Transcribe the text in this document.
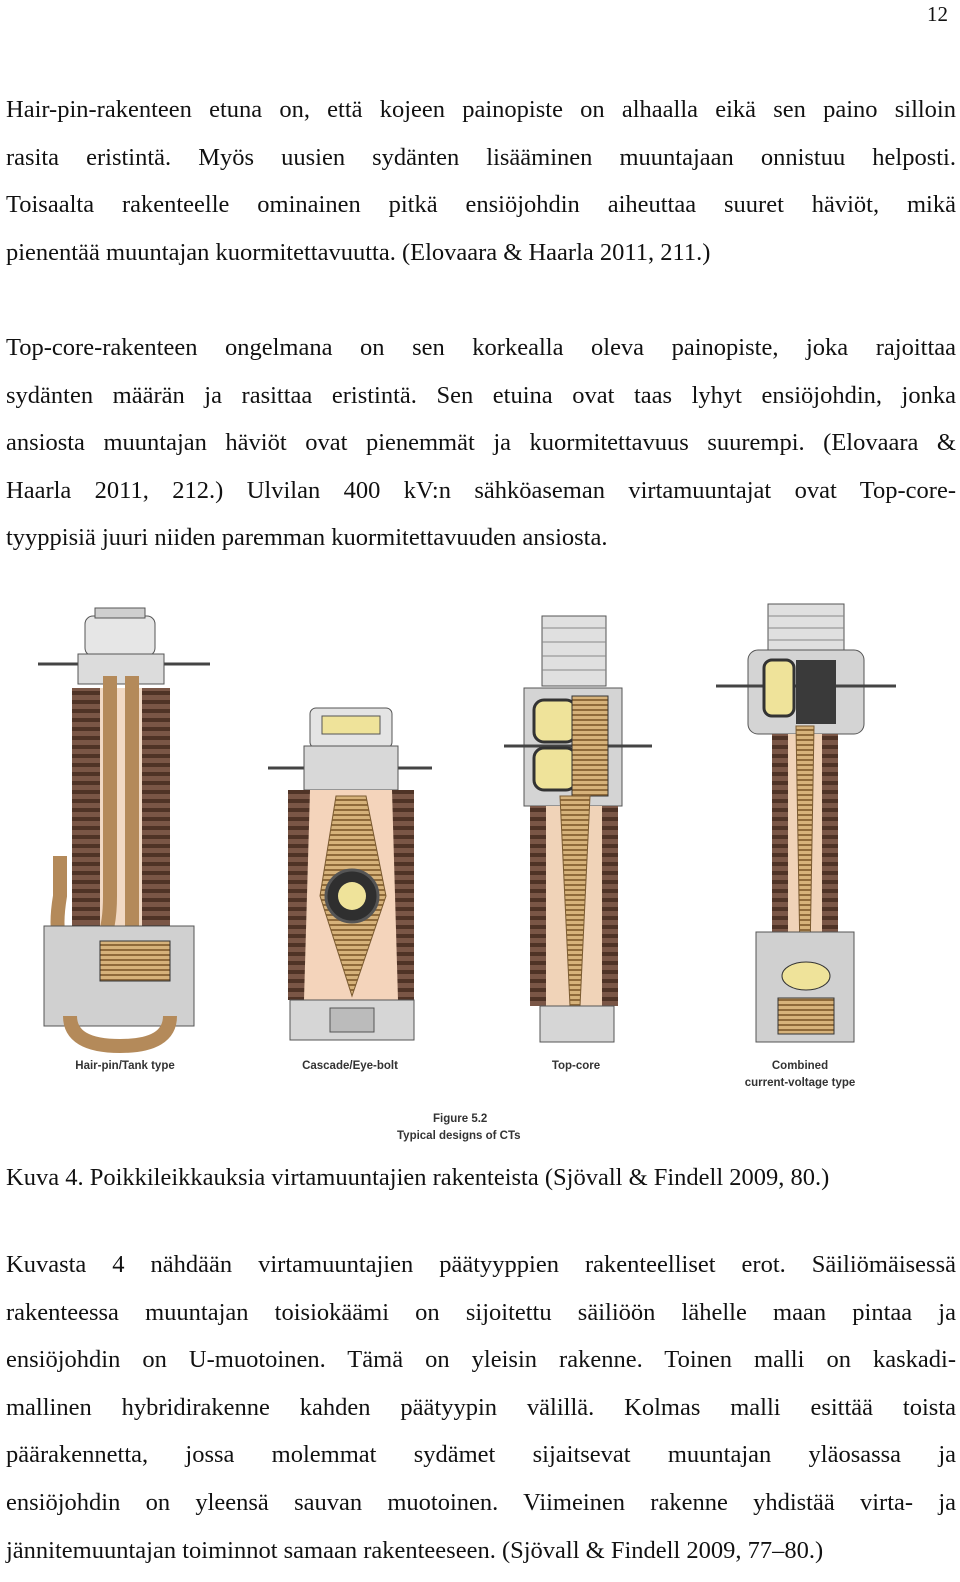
12
Hair-pin-rakenteen etuna on, että kojeen painopiste on alhaalla eikä sen paino silloin
rasita eristintä. Myös uusien sydänten lisääminen muuntajaan onnistuu helposti.
Toisaalta rakenteelle ominainen pitkä ensiöjohdin aiheuttaa suuret häviöt, mikä
pienentää muuntajan kuormitettavuutta. (Elovaara & Haarla 2011, 211.)
Top-core-rakenteen ongelmana on sen korkealla oleva painopiste, joka rajoittaa
sydänten määrän ja rasittaa eristintä. Sen etuina ovat taas lyhyt ensiöjohdin, jonka
ansiosta muuntajan häviöt ovat pienemmät ja kuormitettavuus suurempi. (Elovaara &
Haarla 2011, 212.) Ulvilan 400 kV:n sähköaseman virtamuuntajat ovat Top-core-
tyyppisiä juuri niiden paremman kuormitettavuuden ansiosta.
Hair-pin/Tank type	Cascade/Eye-bolt	Top-core	Combined
current-voltage type
Figure 5.2
Typical designs of CTs

Kuva 4. Poikkileikkauksia virtamuuntajien rakenteista (Sjövall & Findell 2009, 80.)

Kuvasta 4 nähdään virtamuuntajien päätyyppien rakenteelliset erot. Säiliömäisessä
rakenteessa muuntajan toisiokäämi on sijoitettu säiliöön lähelle maan pintaa ja
ensiöjohdin on U-muotoinen. Tämä on yleisin rakenne. Toinen malli on kaskadi-
mallinen hybridirakenne kahden päätyypin välillä. Kolmas malli esittää toista
päärakennetta, jossa molemmat sydämet sijaitsevat muuntajan yläosassa ja
ensiöjohdin on yleensä sauvan muotoinen. Viimeinen rakenne yhdistää virta- ja
jännitemuuntajan toiminnot samaan rakenteeseen. (Sjövall & Findell 2009, 77–80.)
